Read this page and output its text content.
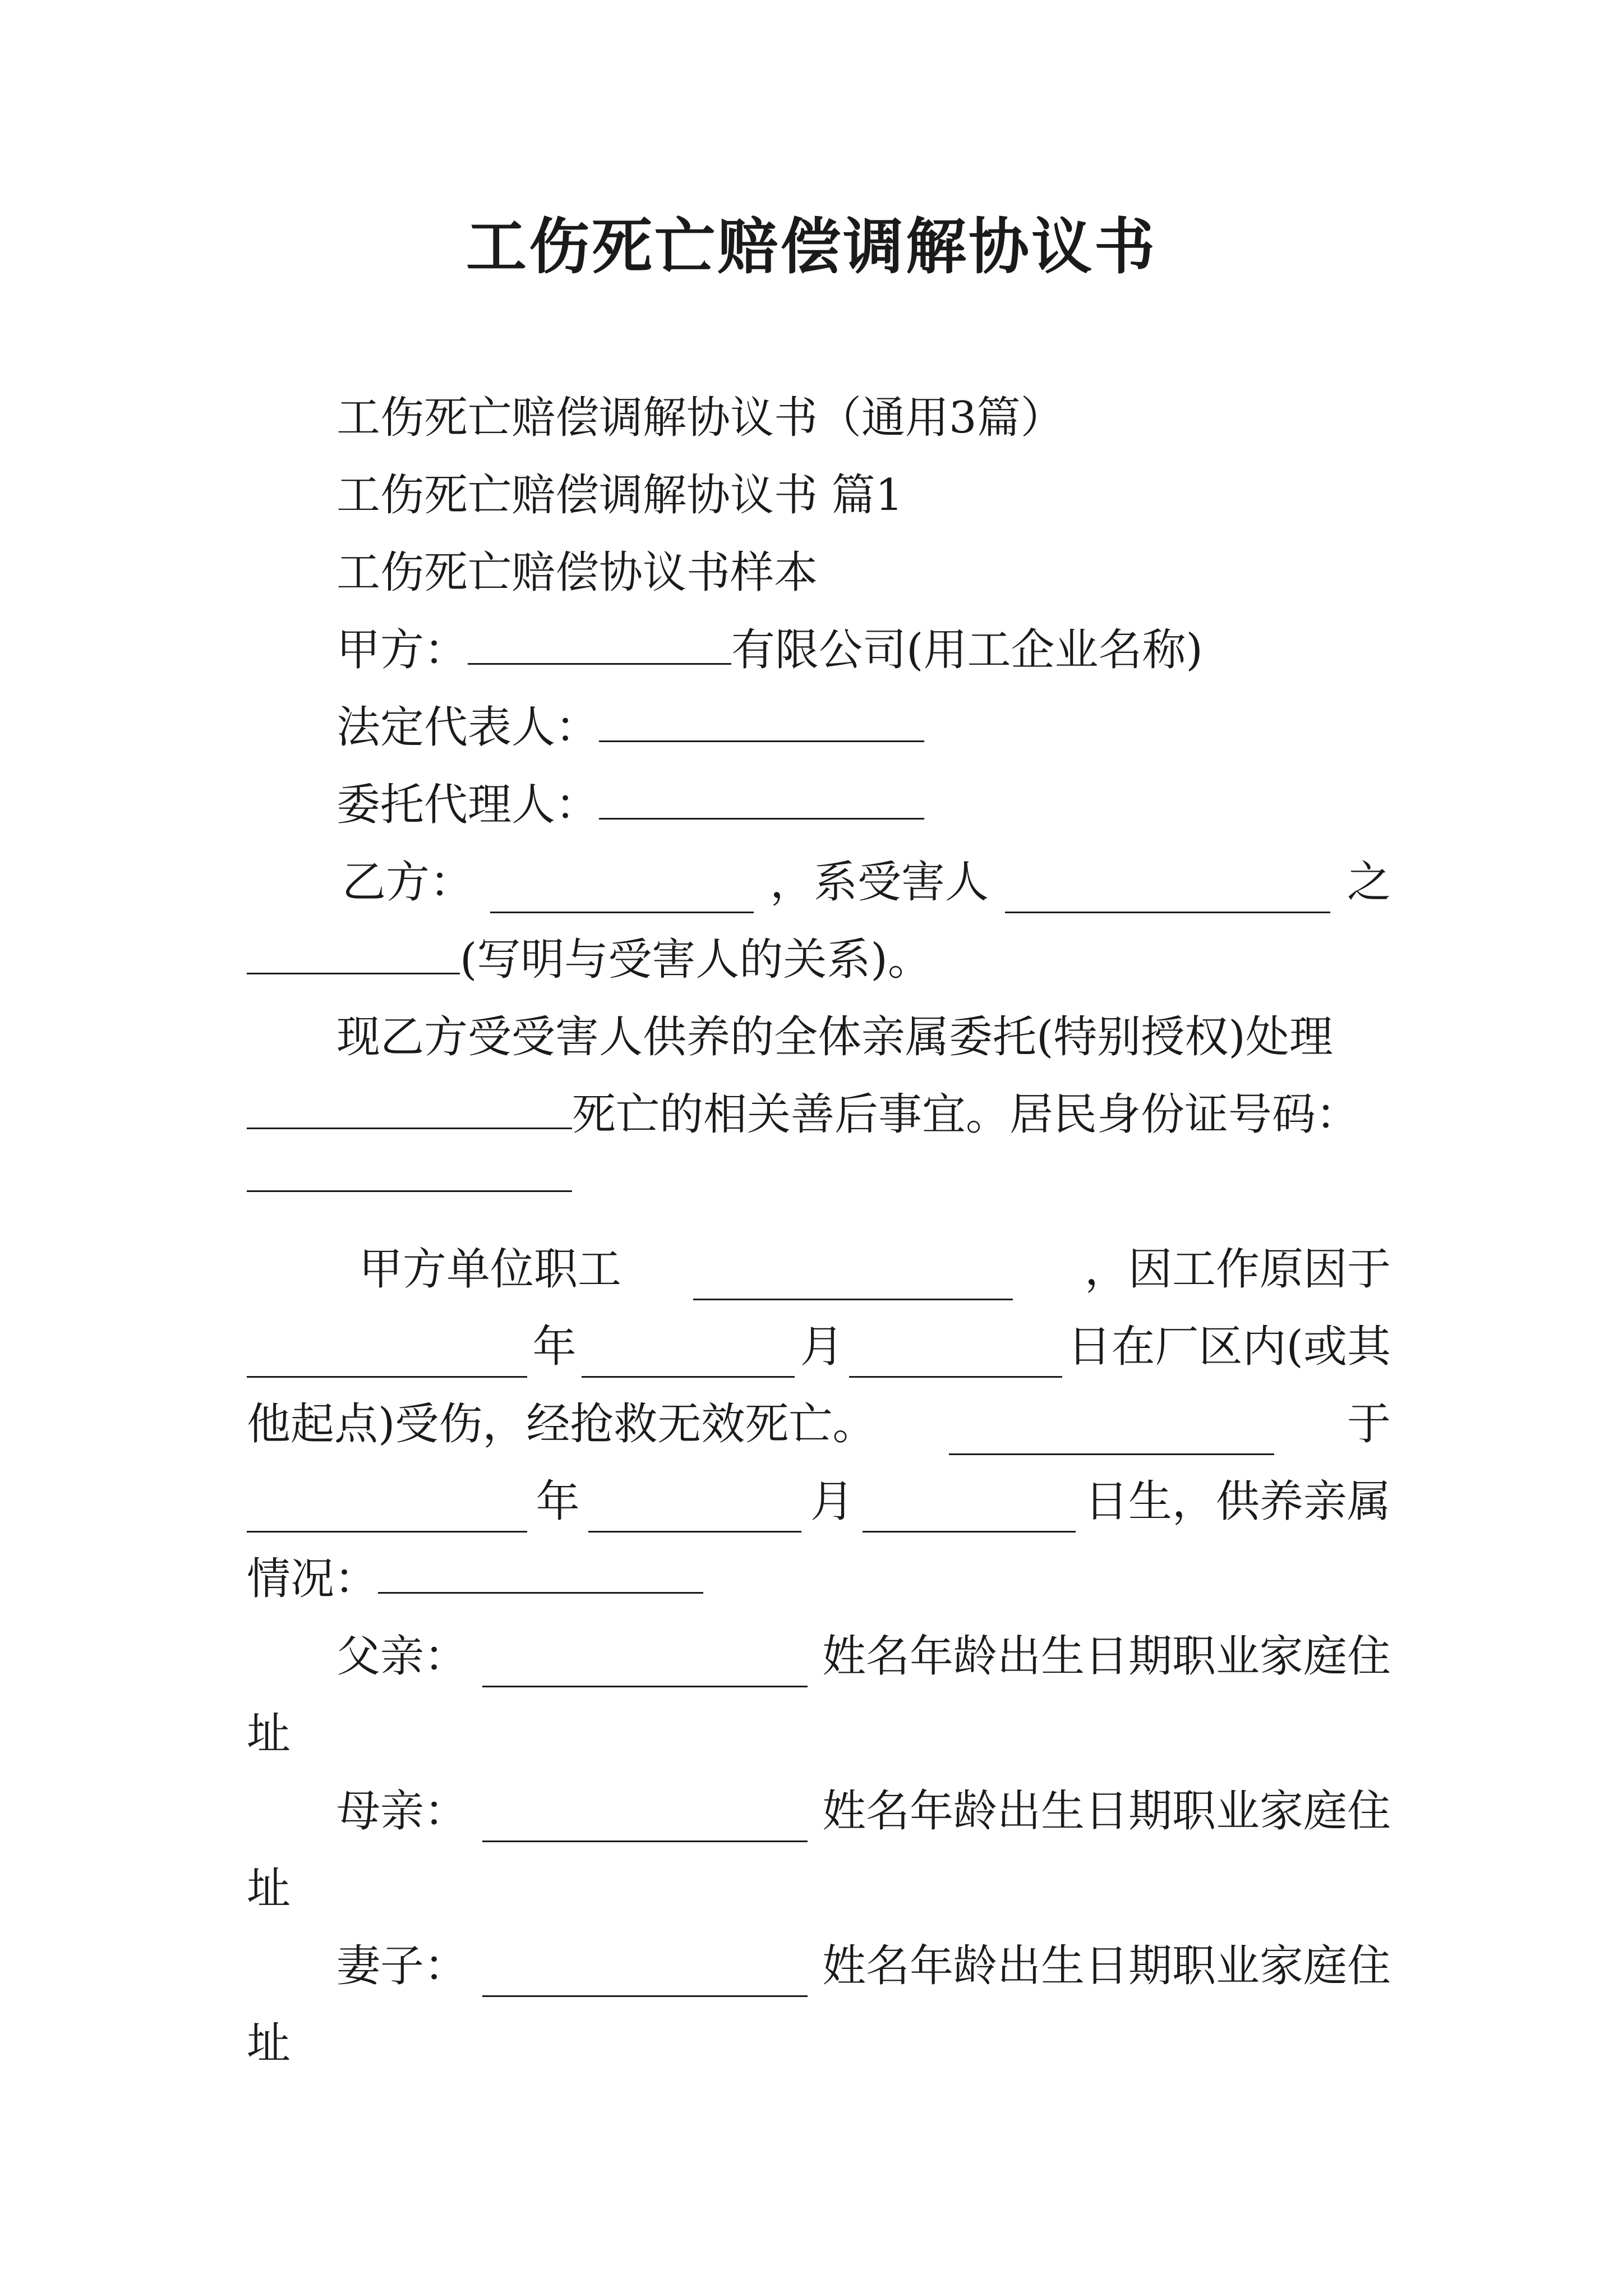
工伤死亡赔偿调解协议书

工伤死亡赔偿调解协议书（通用3篇）

工伤死亡赔偿调解协议书 篇1

工伤死亡赔偿协议书样本

甲方：	有限公司(用工企业名称)

法定代表人：

委托代理人：

乙方：	，系受害人	之

(写明与受害人的关系)。

现乙方受受害人供养的全体亲属委托(特别授权)处理

死亡的相关善后事宜。居民身份证号码：

甲方单位职工	，因工作原因于
年	月	日在厂区内(或其
他起点)受伤，经抢救无效死亡。	于
年	月	日生，供养亲属

情况：

父亲：	姓名年龄出生日期职业家庭住

址

母亲：	姓名年龄出生日期职业家庭住

址

妻子：	姓名年龄出生日期职业家庭住

址
